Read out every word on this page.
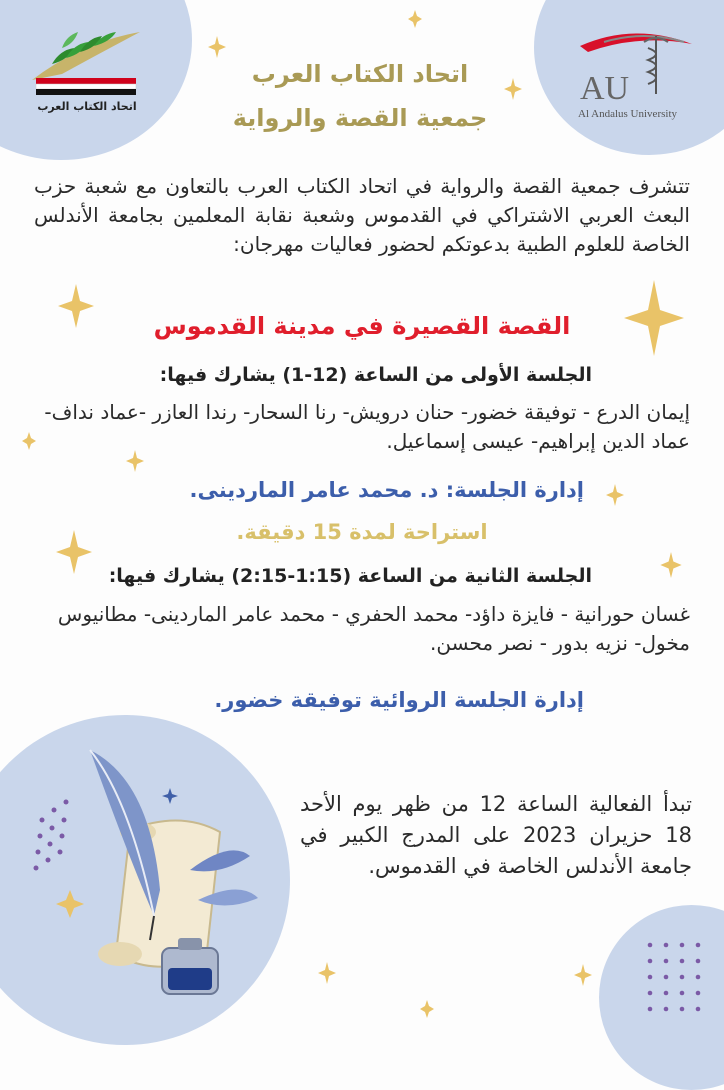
اتحاد الكتاب العرب	AU
Al Andalus University
اتحاد الكتاب العرب
جمعية القصة والرواية
تتشرف جمعية القصة والرواية في اتحاد الكتاب العرب بالتعاون مع شعبة حزب البعث العربي الاشتراكي في القدموس وشعبة نقابة المعلمين بجامعة الأندلس الخاصة للعلوم الطبية بدعوتكم لحضور فعاليات مهرجان:
القصة القصيرة في مدينة القدموس
الجلسة الأولى من الساعة (12-1) يشارك فيها:
إيمان الدرع - توفيقة خضور- حنان درويش- رنا السحار- رندا العازر -عماد نداف- عماد الدين إبراهيم- عيسى إسماعيل.
إدارة الجلسة: د. محمد عامر الماردينى.
استراحة لمدة 15 دقيقة.
الجلسة الثانية من الساعة (1:15-2:15) يشارك فيها:
غسان حورانية - فايزة داؤد- محمد الحفري - محمد عامر الماردينى- مطانيوس مخول- نزيه بدور - نصر محسن.
إدارة الجلسة الروائية توفيقة خضور.
تبدأ الفعالية الساعة 12 من ظهر يوم الأحد 18 حزيران 2023 على المدرج الكبير في جامعة الأندلس الخاصة في القدموس.
